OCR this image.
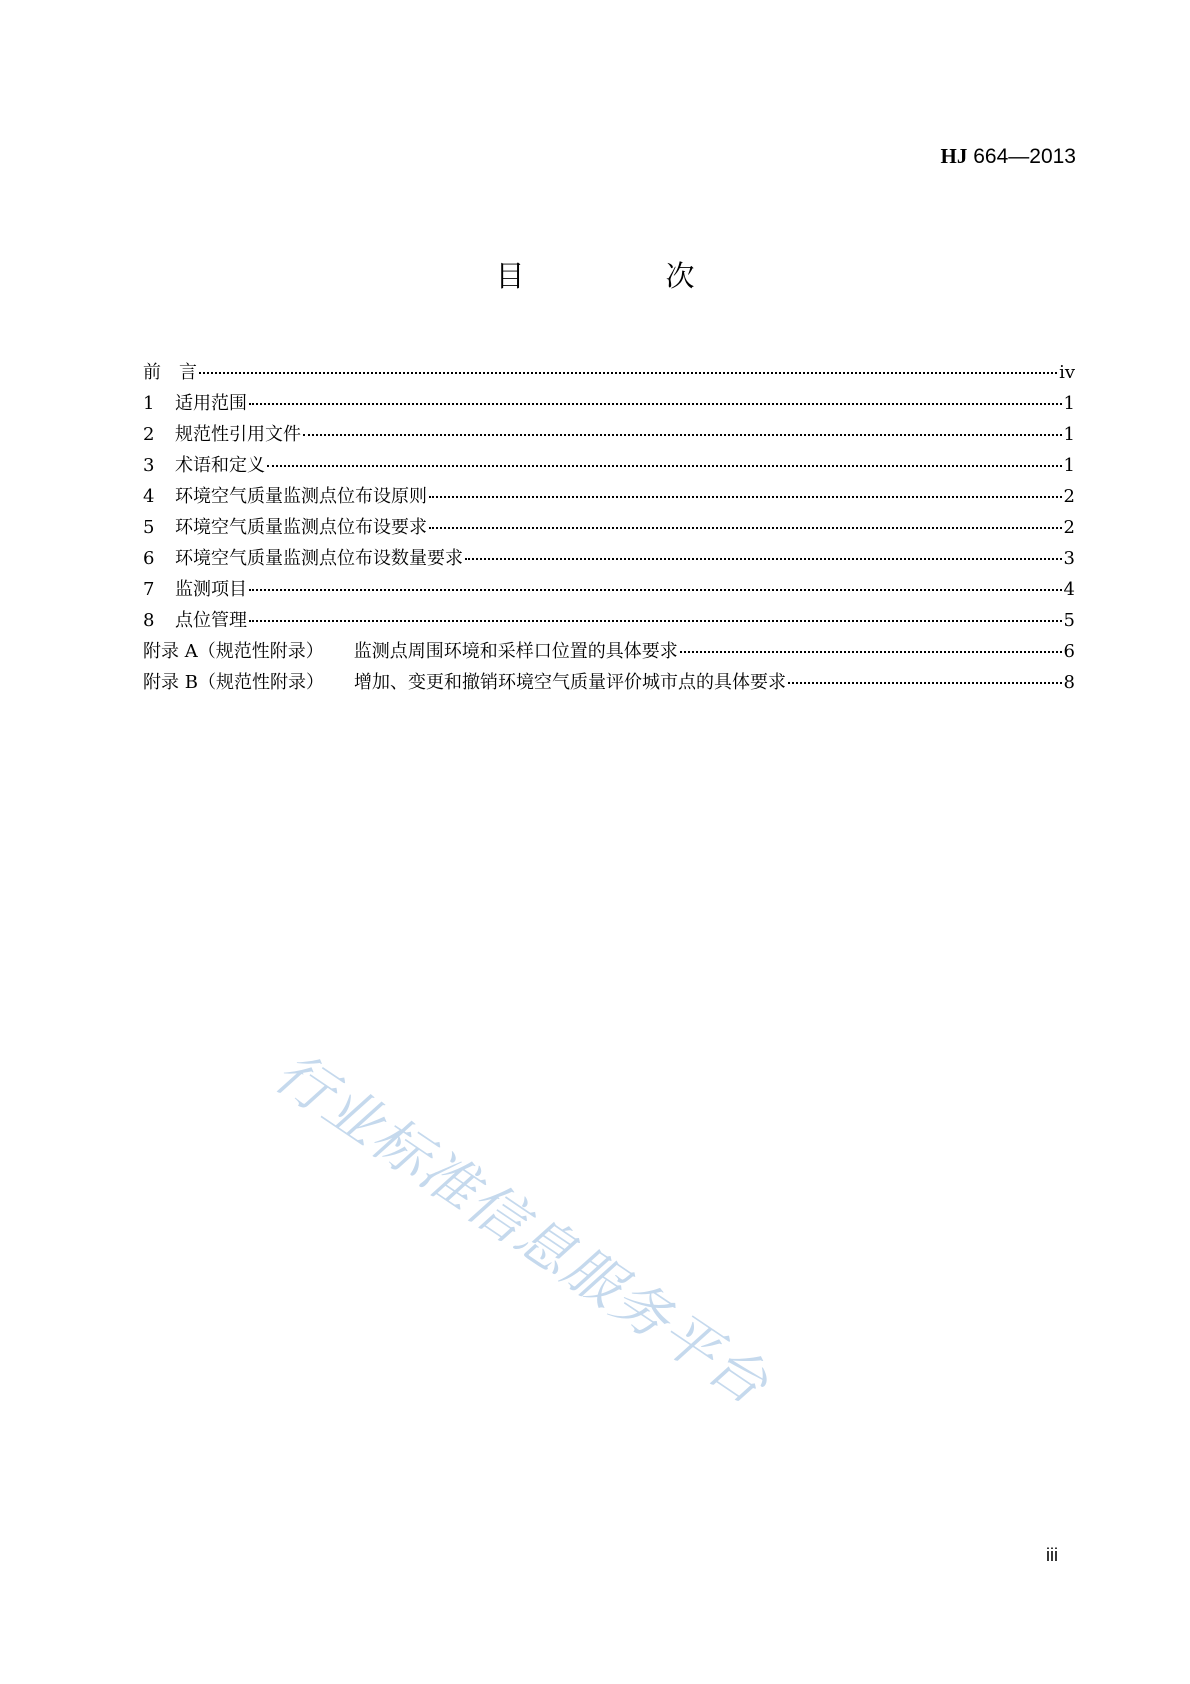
HJ 664—2013
目　次
前　言	iv
1	适用范围	1
2	规范性引用文件	1
3	术语和定义	1
4	环境空气质量监测点位布设原则	2
5	环境空气质量监测点位布设要求	2
6	环境空气质量监测点位布设数量要求	3
7	监测项目	4
8	点位管理	5
附录 A（规范性附录） 监测点周围环境和采样口位置的具体要求	6
附录 B（规范性附录） 增加、变更和撤销环境空气质量评价城市点的具体要求	8
行业标准信息服务平台
iii
